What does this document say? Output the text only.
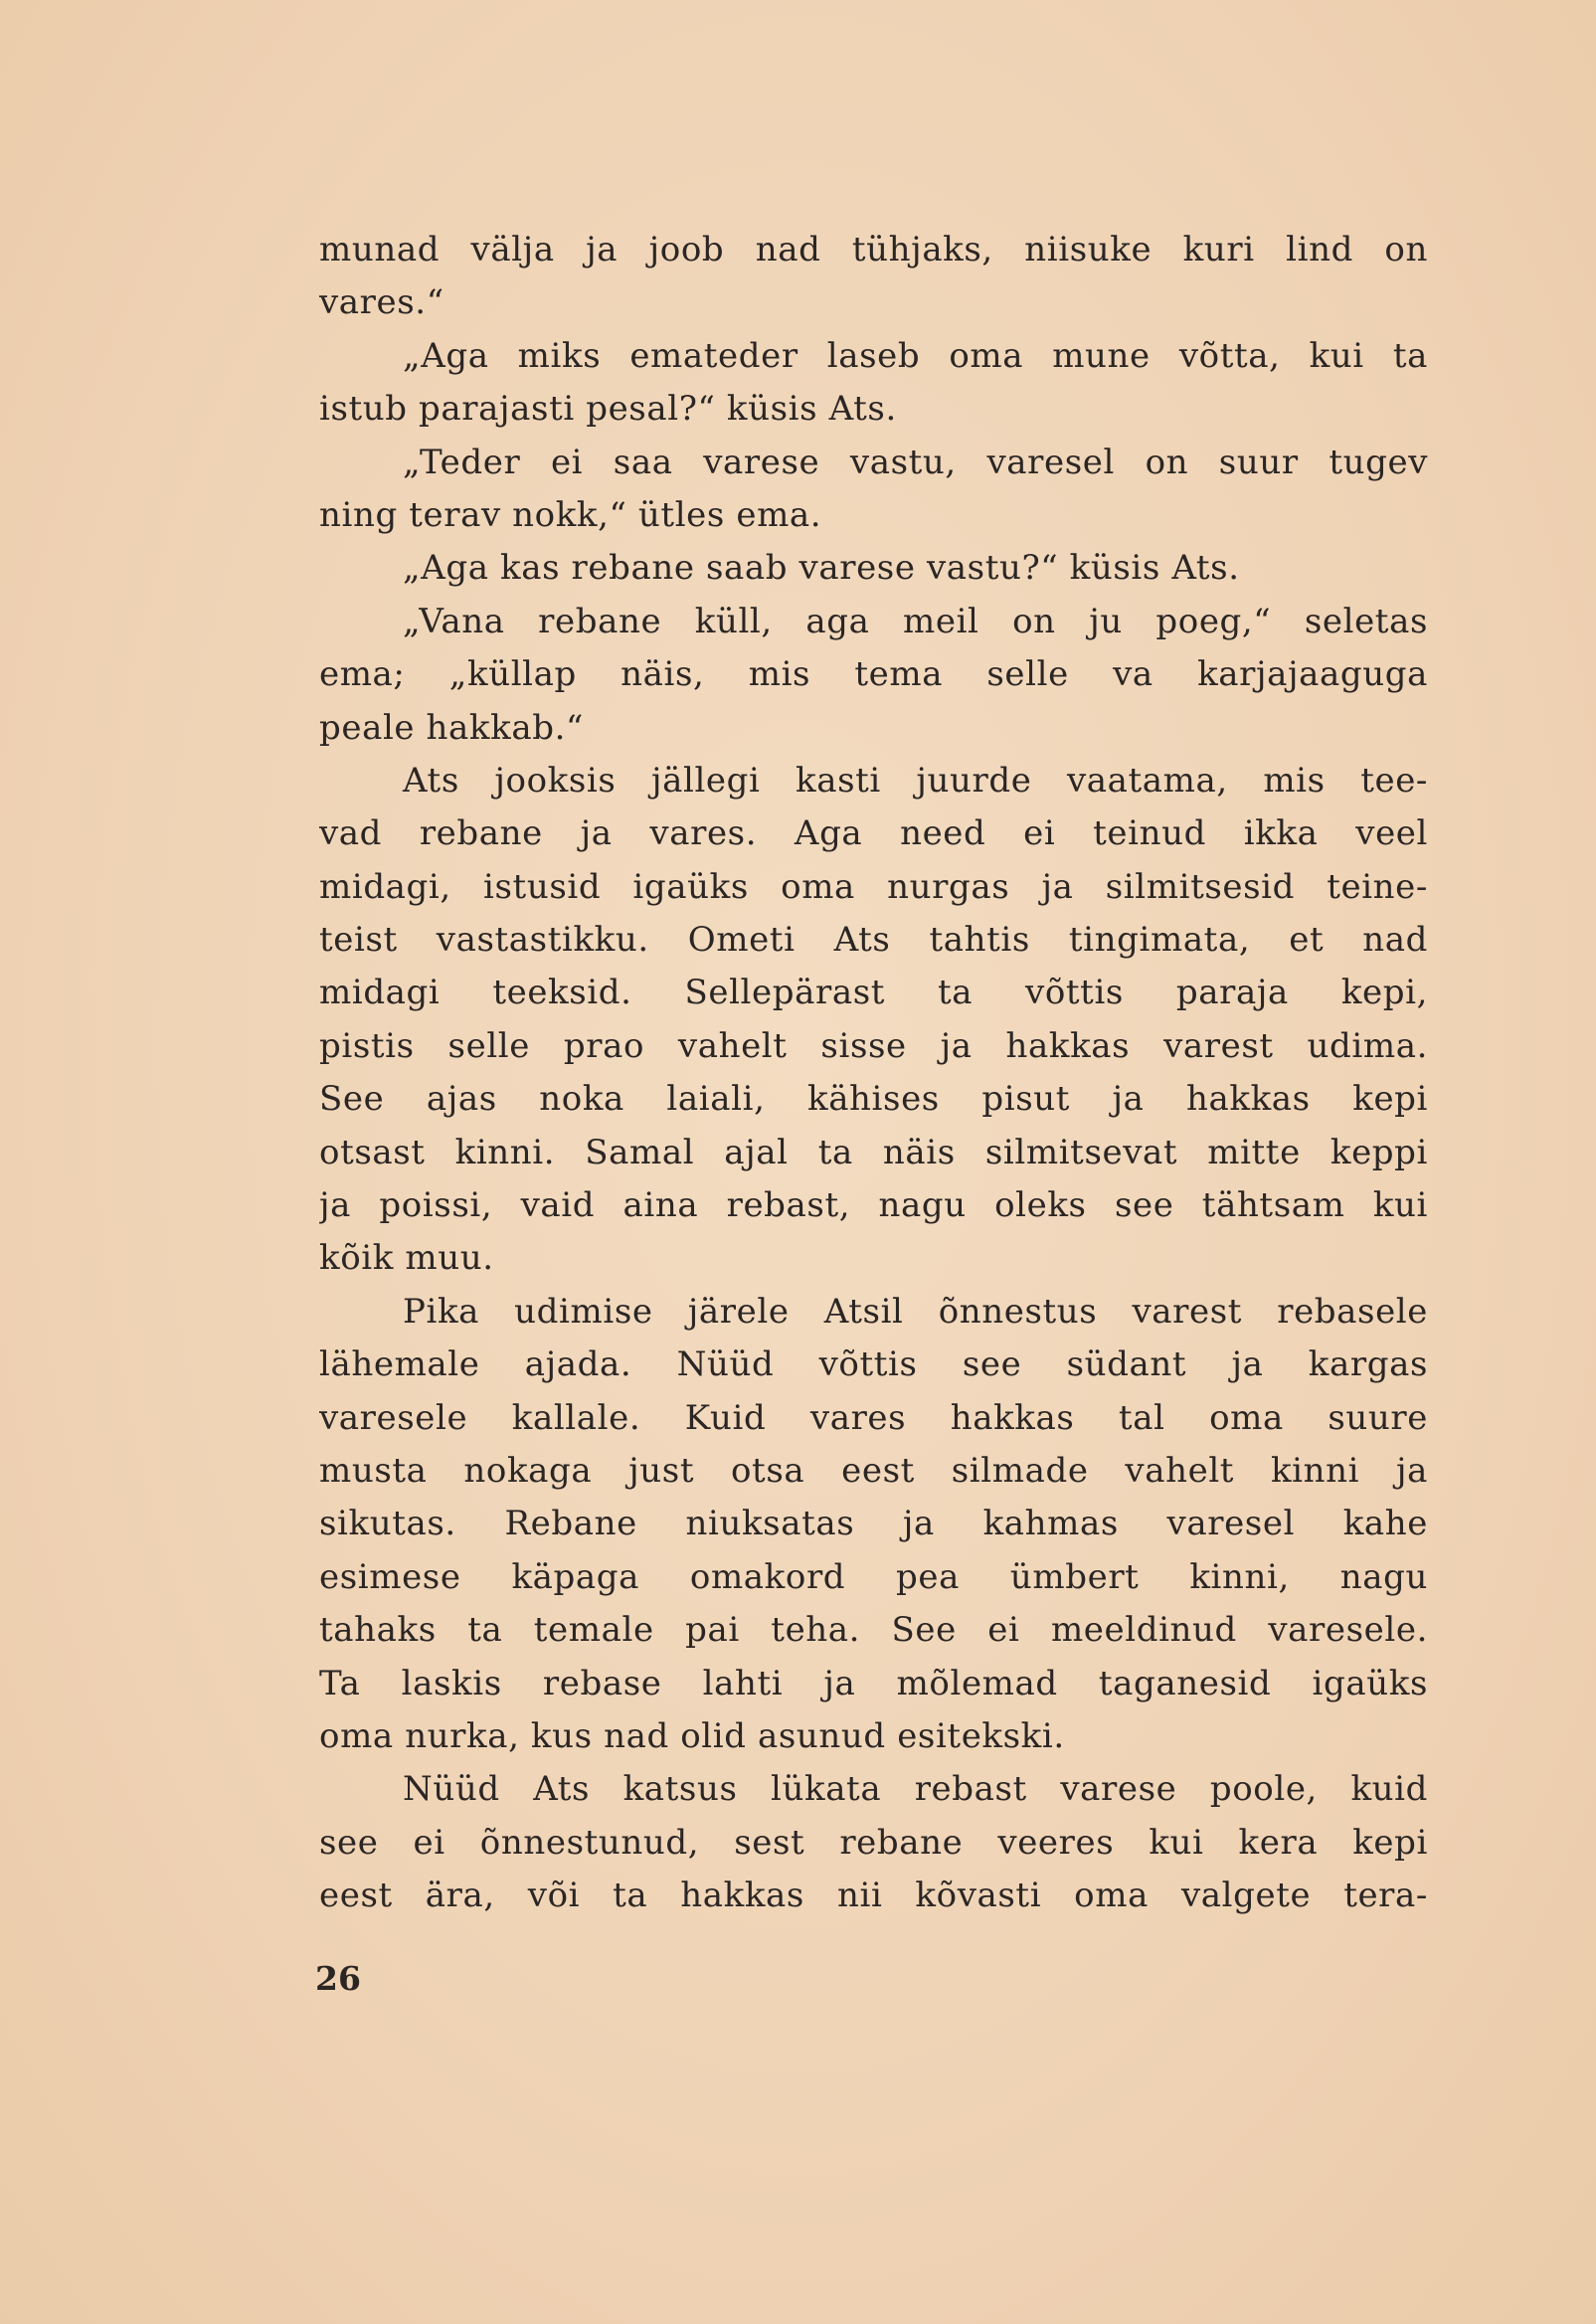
munad välja ja joob nad tühjaks, niisuke kuri lind on
vares.“
„Aga miks emateder laseb oma mune võtta, kui ta
istub parajasti pesal?“ küsis Ats.
„Teder ei saa varese vastu, varesel on suur tugev
ning terav nokk,“ ütles ema.
„Aga kas rebane saab varese vastu?“ küsis Ats.
„Vana rebane küll, aga meil on ju poeg,“ seletas
ema; „küllap näis, mis tema selle va karjajaaguga
peale hakkab.“
Ats jooksis jällegi kasti juurde vaatama, mis tee-
vad rebane ja vares. Aga need ei teinud ikka veel
midagi, istusid igaüks oma nurgas ja silmitsesid teine-
teist vastastikku. Ometi Ats tahtis tingimata, et nad
midagi teeksid. Sellepärast ta võttis paraja kepi,
pistis selle prao vahelt sisse ja hakkas varest udima.
See ajas noka laiali, kähises pisut ja hakkas kepi
otsast kinni. Samal ajal ta näis silmitsevat mitte keppi
ja poissi, vaid aina rebast, nagu oleks see tähtsam kui
kõik muu.
Pika udimise järele Atsil õnnestus varest rebasele
lähemale ajada. Nüüd võttis see südant ja kargas
varesele kallale. Kuid vares hakkas tal oma suure
musta nokaga just otsa eest silmade vahelt kinni ja
sikutas. Rebane niuksatas ja kahmas varesel kahe
esimese käpaga omakord pea ümbert kinni, nagu
tahaks ta temale pai teha. See ei meeldinud varesele.
Ta laskis rebase lahti ja mõlemad taganesid igaüks
oma nurka, kus nad olid asunud esitekski.
Nüüd Ats katsus lükata rebast varese poole, kuid
see ei õnnestunud, sest rebane veeres kui kera kepi
eest ära, või ta hakkas nii kõvasti oma valgete tera-
26
